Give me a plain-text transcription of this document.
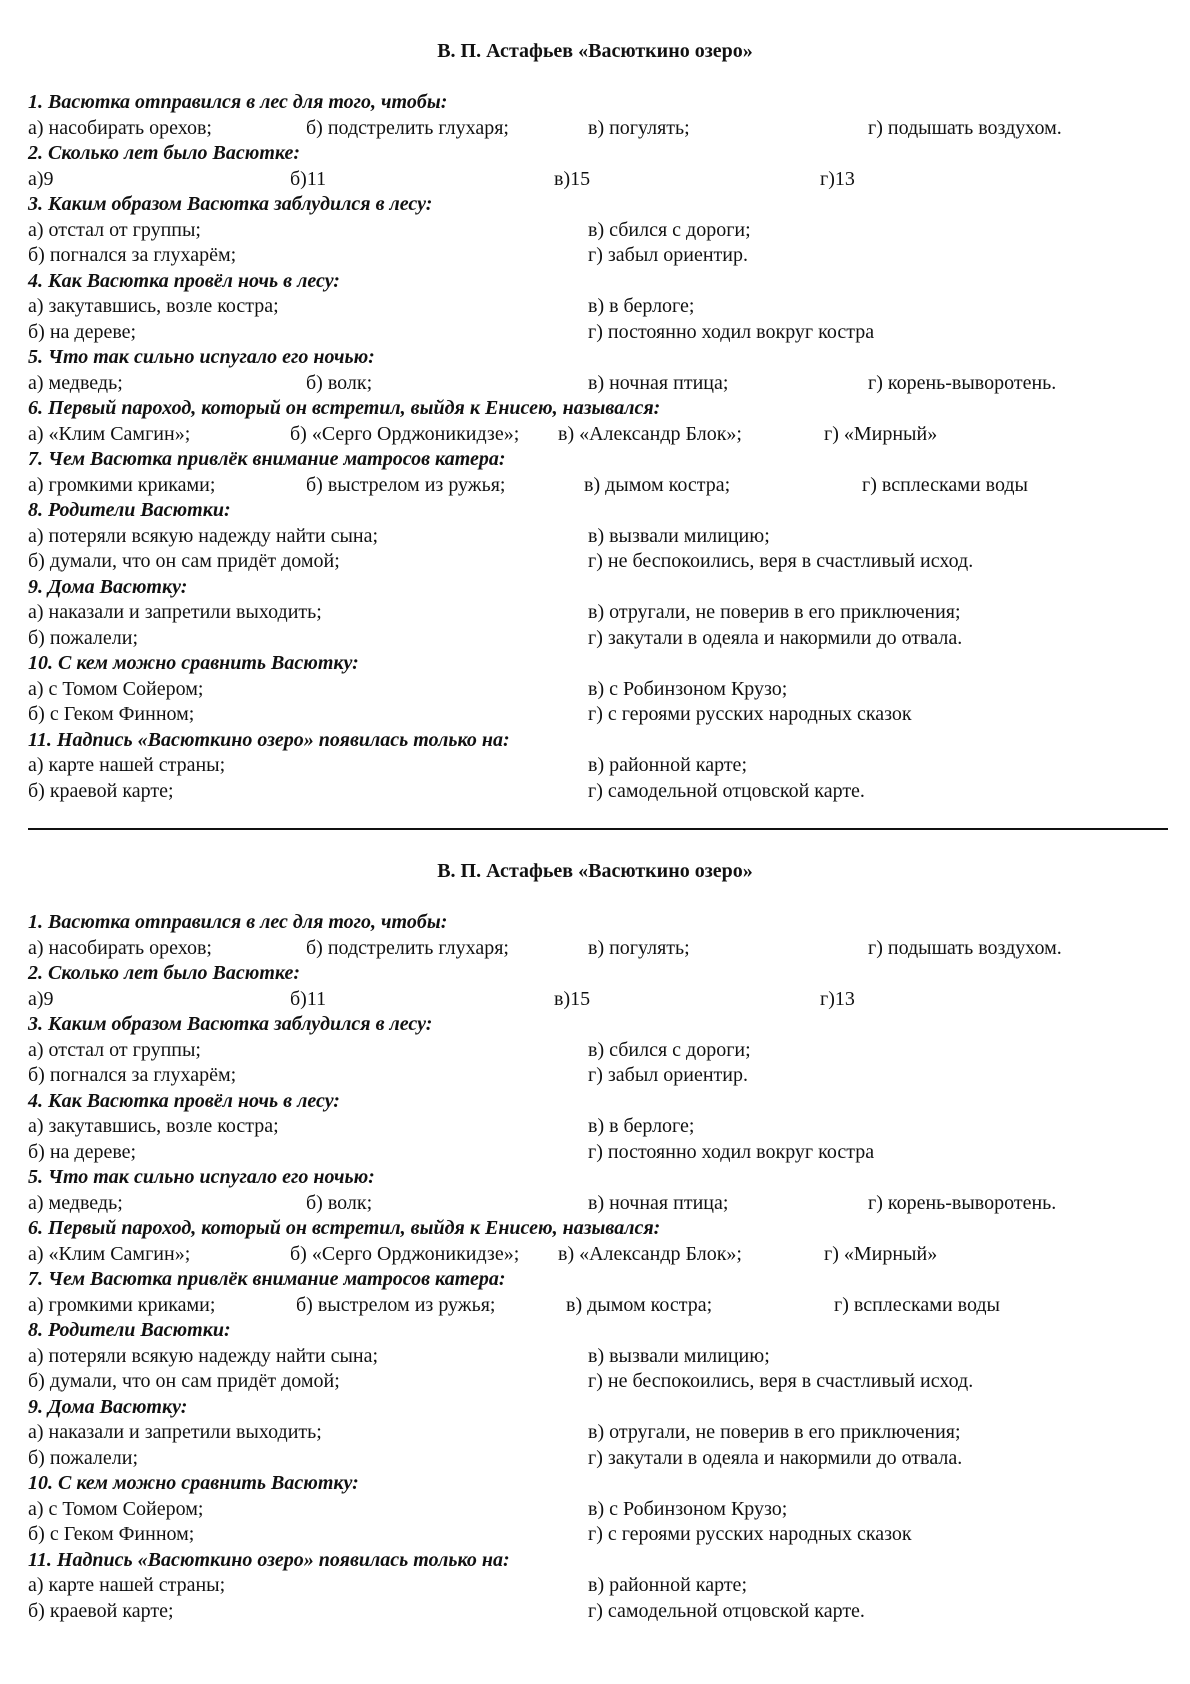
В. П. Астафьев «Васюткино озеро»
1. Васютка отправился в лес для того, чтобы:
а) насобирать орехов;	б) подстрелить глухаря;	в) погулять;	г) подышать воздухом.
2. Сколько лет было Васютке:
а)9	б)11	в)15	г)13
3. Каким образом Васютка заблудился в лесу:
а) отстал от группы;	в) сбился с дороги;
б) погнался за глухарём;	г) забыл ориентир.
4. Как Васютка провёл ночь в лесу:
а) закутавшись, возле костра;	в) в берлоге;
б) на дереве;	г) постоянно ходил вокруг костра
5. Что так сильно испугало его ночью:
а) медведь;	б) волк;	в) ночная птица;	г) корень-выворотень.
6. Первый пароход, который он встретил, выйдя к Енисею, назывался:
а) «Клим Самгин»;	б) «Серго Орджоникидзе»; в) «Александр Блок»;	г) «Мирный»
7. Чем Васютка привлёк внимание матросов катера:
а) громкими криками;	б) выстрелом из ружья;	в) дымом костра;	г) всплесками воды
8. Родители Васютки:
а) потеряли всякую надежду найти сына;	в) вызвали милицию;
б) думали, что он сам придёт домой;	г) не беспокоились, веря в счастливый исход.
9. Дома Васютку:
а) наказали и запретили выходить;	в) отругали, не поверив в его приключения;
б) пожалели;	г) закутали в одеяла и накормили до отвала.
10. С кем можно сравнить Васютку:
а) с Томом Сойером;	в) с Робинзоном Крузо;
б) с Геком Финном;	г) с героями русских народных сказок
11. Надпись «Васюткино озеро» появилась только на:
а) карте нашей страны;	в) районной карте;
б) краевой карте;	г) самодельной отцовской карте.
В. П. Астафьев «Васюткино озеро»
1. Васютка отправился в лес для того, чтобы:
а) насобирать орехов;	б) подстрелить глухаря;	в) погулять;	г) подышать воздухом.
2. Сколько лет было Васютке:
а)9	б)11	в)15	г)13
3. Каким образом Васютка заблудился в лесу:
а) отстал от группы;	в) сбился с дороги;
б) погнался за глухарём;	г) забыл ориентир.
4. Как Васютка провёл ночь в лесу:
а) закутавшись, возле костра;	в) в берлоге;
б) на дереве;	г) постоянно ходил вокруг костра
5. Что так сильно испугало его ночью:
а) медведь;	б) волк;	в) ночная птица;	г) корень-выворотень.
6. Первый пароход, который он встретил, выйдя к Енисею, назывался:
а) «Клим Самгин»;	б) «Серго Орджоникидзе»; в) «Александр Блок»;	г) «Мирный»
7. Чем Васютка привлёк внимание матросов катера:
а) громкими криками;	б) выстрелом из ружья;	в) дымом костра;	г) всплесками воды
8. Родители Васютки:
а) потеряли всякую надежду найти сына;	в) вызвали милицию;
б) думали, что он сам придёт домой;	г) не беспокоились, веря в счастливый исход.
9. Дома Васютку:
а) наказали и запретили выходить;	в) отругали, не поверив в его приключения;
б) пожалели;	г) закутали в одеяла и накормили до отвала.
10. С кем можно сравнить Васютку:
а) с Томом Сойером;	в) с Робинзоном Крузо;
б) с Геком Финном;	г) с героями русских народных сказок
11. Надпись «Васюткино озеро» появилась только на:
а) карте нашей страны;	в) районной карте;
б) краевой карте;	г) самодельной отцовской карте.
